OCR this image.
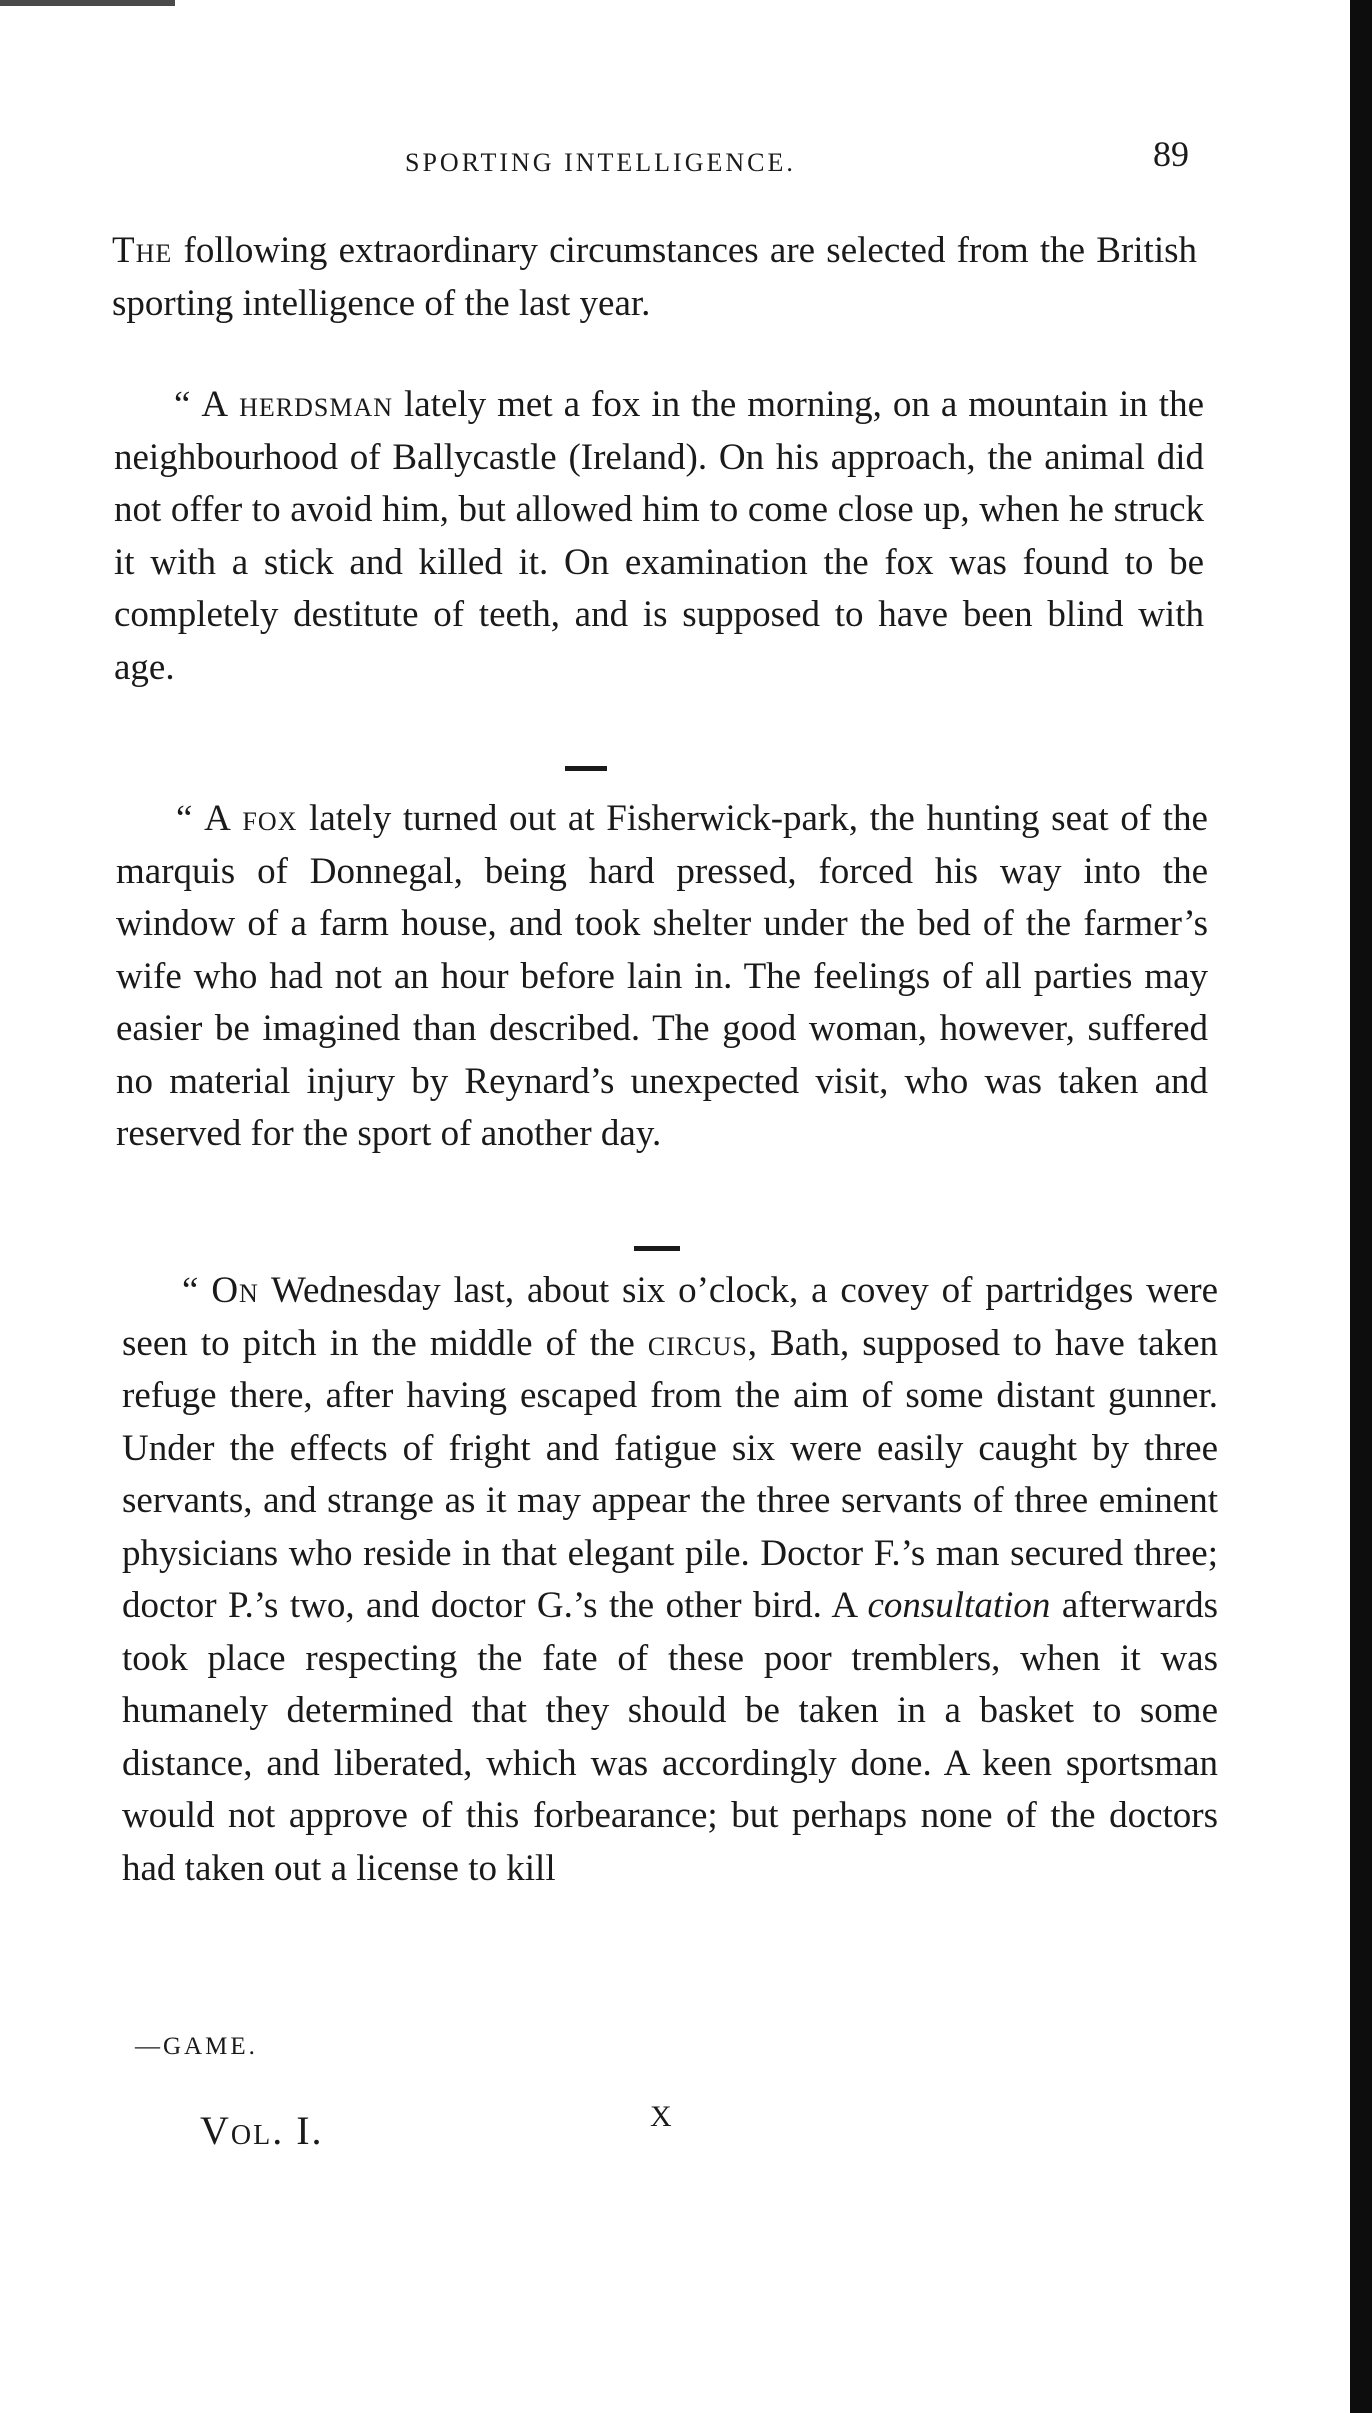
SPORTING INTELLIGENCE.	89

The following extraordinary circumstances are selected from the British sporting intelligence of the last year.

“ A herdsman lately met a fox in the morning, on a mountain in the neighbourhood of Ballycastle (Ireland). On his approach, the animal did not offer to avoid him, but allowed him to come close up, when he struck it with a stick and killed it. On examination the fox was found to be completely destitute of teeth, and is supposed to have been blind with age.

“ A fox lately turned out at Fisherwick-park, the hunting seat of the marquis of Donnegal, being hard pressed, forced his way into the window of a farm house, and took shelter under the bed of the farmer’s wife who had not an hour before lain in. The feelings of all parties may easier be imagined than described. The good woman, however, suffered no material injury by Reynard’s unexpected visit, who was taken and reserved for the sport of another day.

“ On Wednesday last, about six o’clock, a covey of partridges were seen to pitch in the middle of the circus, Bath, supposed to have taken refuge there, after having escaped from the aim of some distant gunner. Under the effects of fright and fatigue six were easily caught by three servants, and strange as it may appear the three servants of three eminent physicians who reside in that elegant pile. Doctor F.’s man secured three; doctor P.’s two, and doctor G.’s the other bird. A consultation afterwards took place respecting the fate of these poor tremblers, when it was humanely determined that they should be taken in a basket to some distance, and liberated, which was accordingly done. A keen sportsman would not approve of this forbearance; but perhaps none of the doctors had taken out a license to kill

—GAME.
Vol. I.	X
